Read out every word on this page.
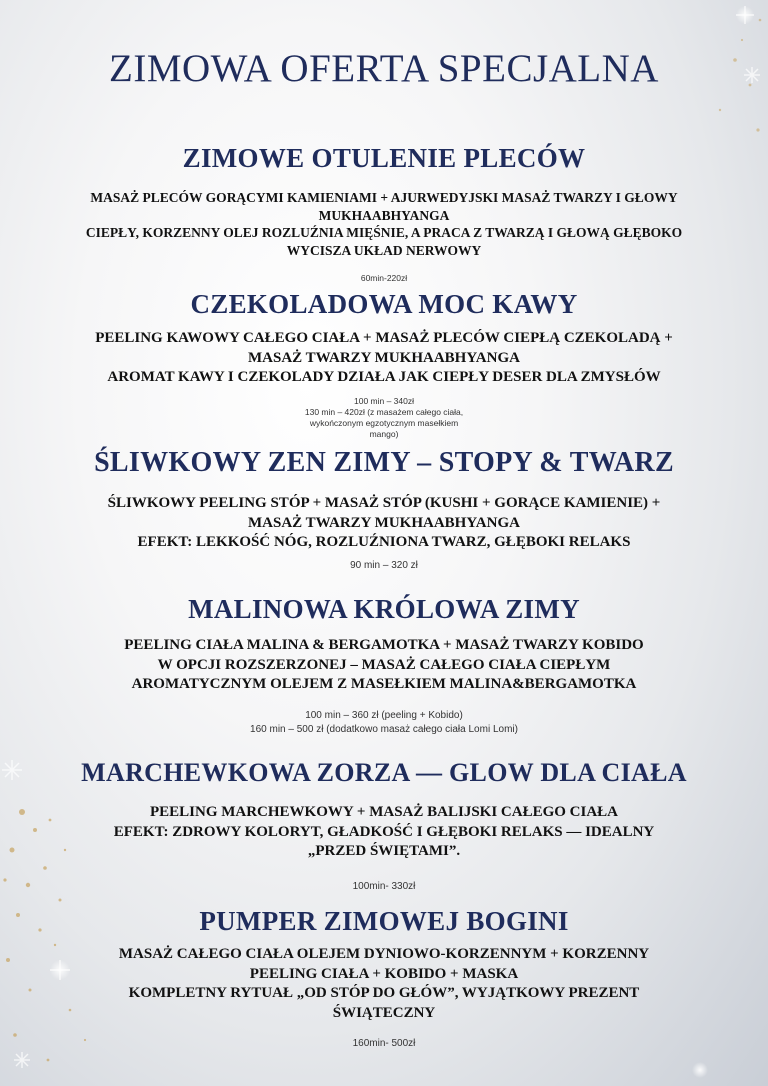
ZIMOWA OFERTA SPECJALNA
ZIMOWE OTULENIE PLECÓW
MASAŻ PLECÓW GORĄCYMI KAMIENIAMI + AJURWEDYJSKI MASAŻ TWARZY I GŁOWY
MUKHAABHYANGA
CIEPŁY, KORZENNY OLEJ ROZLUŹNIA MIĘŚNIE, A PRACA Z TWARZĄ I GŁOWĄ GŁĘBOKO
WYCISZA UKŁAD NERWOWY
60min-220zł
CZEKOLADOWA MOC KAWY
PEELING KAWOWY CAŁEGO CIAŁA + MASAŻ PLECÓW CIEPŁĄ CZEKOLADĄ +
MASAŻ TWARZY MUKHAABHYANGA
AROMAT KAWY I CZEKOLADY DZIAŁA JAK CIEPŁY DESER DLA ZMYSŁÓW
100 min – 340zł
130 min – 420zł (z masażem całego ciała,
wykończonym egzotycznym masełkiem
mango)
ŚLIWKOWY ZEN ZIMY – STOPY & TWARZ
ŚLIWKOWY PEELING STÓP + MASAŻ STÓP (KUSHI + GORĄCE KAMIENIE) +
MASAŻ TWARZY MUKHAABHYANGA
EFEKT: LEKKOŚĆ NÓG, ROZLUŹNIONA TWARZ, GŁĘBOKI RELAKS
90 min – 320 zł
MALINOWA KRÓLOWA ZIMY
PEELING CIAŁA MALINA & BERGAMOTKA + MASAŻ TWARZY KOBIDO
W OPCJI ROZSZERZONEJ – MASAŻ CAŁEGO CIAŁA CIEPŁYM
AROMATYCZNYM OLEJEM Z MASEŁKIEM MALINA&BERGAMOTKA
100 min – 360 zł (peeling + Kobido)
160 min – 500 zł (dodatkowo masaż całego ciała Lomi Lomi)
MARCHEWKOWA ZORZA — GLOW DLA CIAŁA
PEELING MARCHEWKOWY + MASAŻ BALIJSKI CAŁEGO CIAŁA
EFEKT: ZDROWY KOLORYT, GŁADKOŚĆ I GŁĘBOKI RELAKS — IDEALNY
„PRZED ŚWIĘTAMI”.
100min- 330zł
PUMPER ZIMOWEJ BOGINI
MASAŻ CAŁEGO CIAŁA OLEJEM DYNIOWO-KORZENNYM + KORZENNY
PEELING CIAŁA + KOBIDO + MASKA
KOMPLETNY RYTUAŁ „OD STÓP DO GŁÓW”, WYJĄTKOWY PREZENT
ŚWIĄTECZNY
160min- 500zł
